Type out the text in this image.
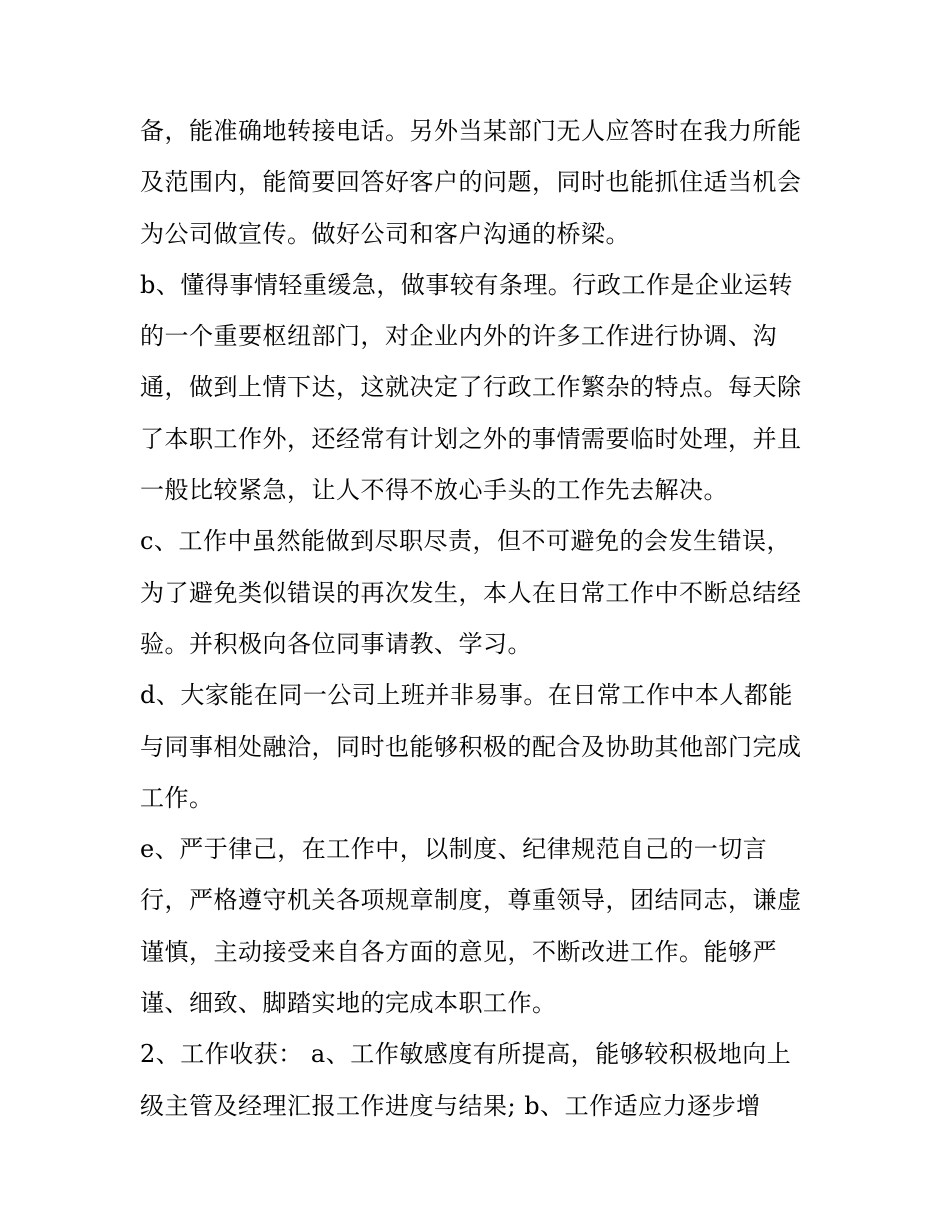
备，能准确地转接电话。另外当某部门无人应答时在我力所能
及范围内，能简要回答好客户的问题，同时也能抓住适当机会
为公司做宣传。做好公司和客户沟通的桥梁。
b、懂得事情轻重缓急，做事较有条理。行政工作是企业运转
的一个重要枢纽部门，对企业内外的许多工作进行协调、沟
通，做到上情下达，这就决定了行政工作繁杂的特点。每天除
了本职工作外，还经常有计划之外的事情需要临时处理，并且
一般比较紧急，让人不得不放心手头的工作先去解决。
c、工作中虽然能做到尽职尽责，但不可避免的会发生错误，
为了避免类似错误的再次发生，本人在日常工作中不断总结经
验。并积极向各位同事请教、学习。
d、大家能在同一公司上班并非易事。在日常工作中本人都能
与同事相处融洽，同时也能够积极的配合及协助其他部门完成
工作。
e、严于律己，在工作中，以制度、纪律规范自己的一切言
行，严格遵守机关各项规章制度，尊重领导，团结同志，谦虚
谨慎，主动接受来自各方面的意见，不断改进工作。能够严
谨、细致、脚踏实地的完成本职工作。
2、工作收获： a、工作敏感度有所提高，能够较积极地向上
级主管及经理汇报工作进度与结果; b、工作适应力逐步增
